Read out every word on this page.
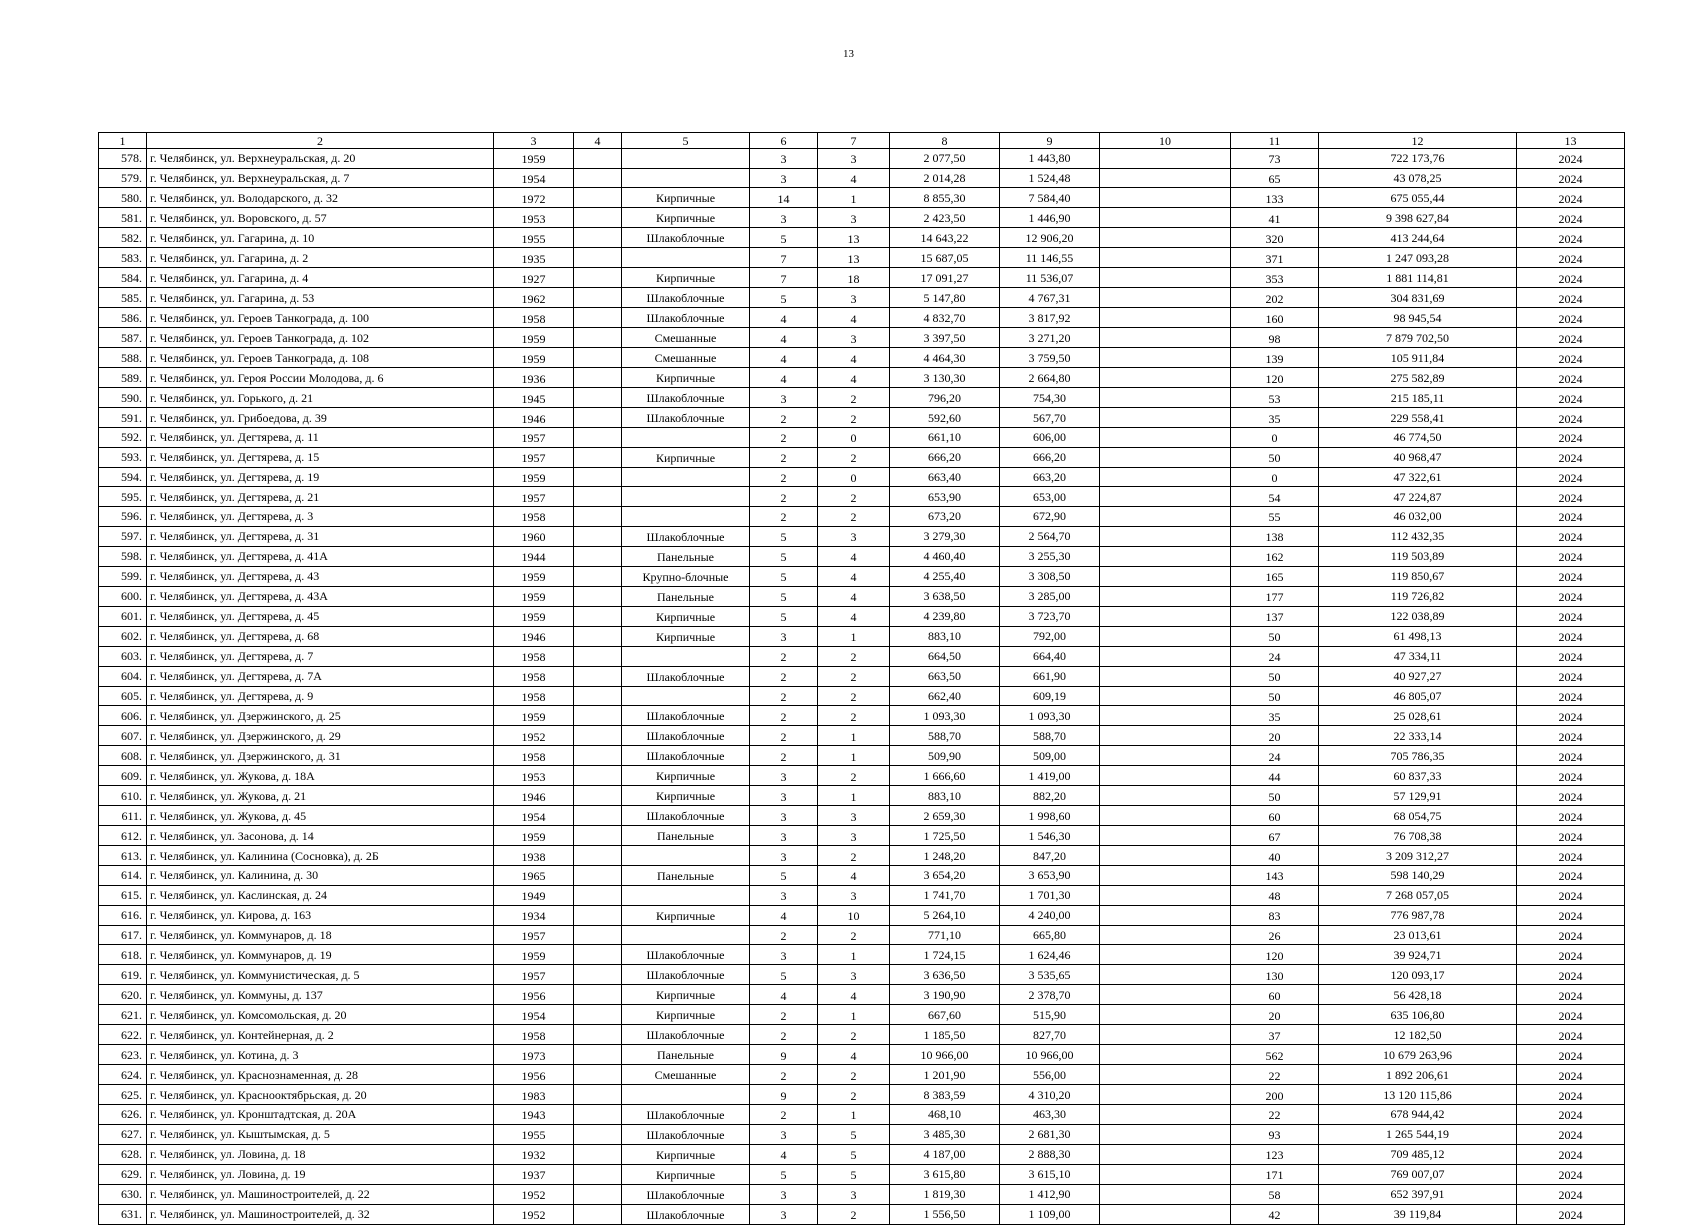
13
1	2	3	4	5	6	7	8	9	10	11	12	13
578.	г. Челябинск, ул. Верхнеуральская, д. 20	1959			3	3	2 077,50	1 443,80		73	722 173,76	2024
579.	г. Челябинск, ул. Верхнеуральская, д. 7	1954			3	4	2 014,28	1 524,48		65	43 078,25	2024
580.	г. Челябинск, ул. Володарского, д. 32	1972		Кирпичные	14	1	8 855,30	7 584,40		133	675 055,44	2024
581.	г. Челябинск, ул. Воровского, д. 57	1953		Кирпичные	3	3	2 423,50	1 446,90		41	9 398 627,84	2024
582.	г. Челябинск, ул. Гагарина, д. 10	1955		Шлакоблочные	5	13	14 643,22	12 906,20		320	413 244,64	2024
583.	г. Челябинск, ул. Гагарина, д. 2	1935			7	13	15 687,05	11 146,55		371	1 247 093,28	2024
584.	г. Челябинск, ул. Гагарина, д. 4	1927		Кирпичные	7	18	17 091,27	11 536,07		353	1 881 114,81	2024
585.	г. Челябинск, ул. Гагарина, д. 53	1962		Шлакоблочные	5	3	5 147,80	4 767,31		202	304 831,69	2024
586.	г. Челябинск, ул. Героев Танкограда, д. 100	1958		Шлакоблочные	4	4	4 832,70	3 817,92		160	98 945,54	2024
587.	г. Челябинск, ул. Героев Танкограда, д. 102	1959		Смешанные	4	3	3 397,50	3 271,20		98	7 879 702,50	2024
588.	г. Челябинск, ул. Героев Танкограда, д. 108	1959		Смешанные	4	4	4 464,30	3 759,50		139	105 911,84	2024
589.	г. Челябинск, ул. Героя России Молодова, д. 6	1936		Кирпичные	4	4	3 130,30	2 664,80		120	275 582,89	2024
590.	г. Челябинск, ул. Горького, д. 21	1945		Шлакоблочные	3	2	796,20	754,30		53	215 185,11	2024
591.	г. Челябинск, ул. Грибоедова, д. 39	1946		Шлакоблочные	2	2	592,60	567,70		35	229 558,41	2024
592.	г. Челябинск, ул. Дегтярева, д. 11	1957			2	0	661,10	606,00		0	46 774,50	2024
593.	г. Челябинск, ул. Дегтярева, д. 15	1957		Кирпичные	2	2	666,20	666,20		50	40 968,47	2024
594.	г. Челябинск, ул. Дегтярева, д. 19	1959			2	0	663,40	663,20		0	47 322,61	2024
595.	г. Челябинск, ул. Дегтярева, д. 21	1957			2	2	653,90	653,00		54	47 224,87	2024
596.	г. Челябинск, ул. Дегтярева, д. 3	1958			2	2	673,20	672,90		55	46 032,00	2024
597.	г. Челябинск, ул. Дегтярева, д. 31	1960		Шлакоблочные	5	3	3 279,30	2 564,70		138	112 432,35	2024
598.	г. Челябинск, ул. Дегтярева, д. 41А	1944		Панельные	5	4	4 460,40	3 255,30		162	119 503,89	2024
599.	г. Челябинск, ул. Дегтярева, д. 43	1959		Крупно-блочные	5	4	4 255,40	3 308,50		165	119 850,67	2024
600.	г. Челябинск, ул. Дегтярева, д. 43А	1959		Панельные	5	4	3 638,50	3 285,00		177	119 726,82	2024
601.	г. Челябинск, ул. Дегтярева, д. 45	1959		Кирпичные	5	4	4 239,80	3 723,70		137	122 038,89	2024
602.	г. Челябинск, ул. Дегтярева, д. 68	1946		Кирпичные	3	1	883,10	792,00		50	61 498,13	2024
603.	г. Челябинск, ул. Дегтярева, д. 7	1958			2	2	664,50	664,40		24	47 334,11	2024
604.	г. Челябинск, ул. Дегтярева, д. 7А	1958		Шлакоблочные	2	2	663,50	661,90		50	40 927,27	2024
605.	г. Челябинск, ул. Дегтярева, д. 9	1958			2	2	662,40	609,19		50	46 805,07	2024
606.	г. Челябинск, ул. Дзержинского, д. 25	1959		Шлакоблочные	2	2	1 093,30	1 093,30		35	25 028,61	2024
607.	г. Челябинск, ул. Дзержинского, д. 29	1952		Шлакоблочные	2	1	588,70	588,70		20	22 333,14	2024
608.	г. Челябинск, ул. Дзержинского, д. 31	1958		Шлакоблочные	2	1	509,90	509,00		24	705 786,35	2024
609.	г. Челябинск, ул. Жукова, д. 18А	1953		Кирпичные	3	2	1 666,60	1 419,00		44	60 837,33	2024
610.	г. Челябинск, ул. Жукова, д. 21	1946		Кирпичные	3	1	883,10	882,20		50	57 129,91	2024
611.	г. Челябинск, ул. Жукова, д. 45	1954		Шлакоблочные	3	3	2 659,30	1 998,60		60	68 054,75	2024
612.	г. Челябинск, ул. Засонова, д. 14	1959		Панельные	3	3	1 725,50	1 546,30		67	76 708,38	2024
613.	г. Челябинск, ул. Калинина (Сосновка), д. 2Б	1938			3	2	1 248,20	847,20		40	3 209 312,27	2024
614.	г. Челябинск, ул. Калинина, д. 30	1965		Панельные	5	4	3 654,20	3 653,90		143	598 140,29	2024
615.	г. Челябинск, ул. Каслинская, д. 24	1949			3	3	1 741,70	1 701,30		48	7 268 057,05	2024
616.	г. Челябинск, ул. Кирова, д. 163	1934		Кирпичные	4	10	5 264,10	4 240,00		83	776 987,78	2024
617.	г. Челябинск, ул. Коммунаров, д. 18	1957			2	2	771,10	665,80		26	23 013,61	2024
618.	г. Челябинск, ул. Коммунаров, д. 19	1959		Шлакоблочные	3	1	1 724,15	1 624,46		120	39 924,71	2024
619.	г. Челябинск, ул. Коммунистическая, д. 5	1957		Шлакоблочные	5	3	3 636,50	3 535,65		130	120 093,17	2024
620.	г. Челябинск, ул. Коммуны, д. 137	1956		Кирпичные	4	4	3 190,90	2 378,70		60	56 428,18	2024
621.	г. Челябинск, ул. Комсомольская, д. 20	1954		Кирпичные	2	1	667,60	515,90		20	635 106,80	2024
622.	г. Челябинск, ул. Контейнерная, д. 2	1958		Шлакоблочные	2	2	1 185,50	827,70		37	12 182,50	2024
623.	г. Челябинск, ул. Котина, д. 3	1973		Панельные	9	4	10 966,00	10 966,00		562	10 679 263,96	2024
624.	г. Челябинск, ул. Краснознаменная, д. 28	1956		Смешанные	2	2	1 201,90	556,00		22	1 892 206,61	2024
625.	г. Челябинск, ул. Краснооктябрьская, д. 20	1983			9	2	8 383,59	4 310,20		200	13 120 115,86	2024
626.	г. Челябинск, ул. Кронштадтская, д. 20А	1943		Шлакоблочные	2	1	468,10	463,30		22	678 944,42	2024
627.	г. Челябинск, ул. Кыштымская, д. 5	1955		Шлакоблочные	3	5	3 485,30	2 681,30		93	1 265 544,19	2024
628.	г. Челябинск, ул. Ловина, д. 18	1932		Кирпичные	4	5	4 187,00	2 888,30		123	709 485,12	2024
629.	г. Челябинск, ул. Ловина, д. 19	1937		Кирпичные	5	5	3 615,80	3 615,10		171	769 007,07	2024
630.	г. Челябинск, ул. Машиностроителей, д. 22	1952		Шлакоблочные	3	3	1 819,30	1 412,90		58	652 397,91	2024
631.	г. Челябинск, ул. Машиностроителей, д. 32	1952		Шлакоблочные	3	2	1 556,50	1 109,00		42	39 119,84	2024
